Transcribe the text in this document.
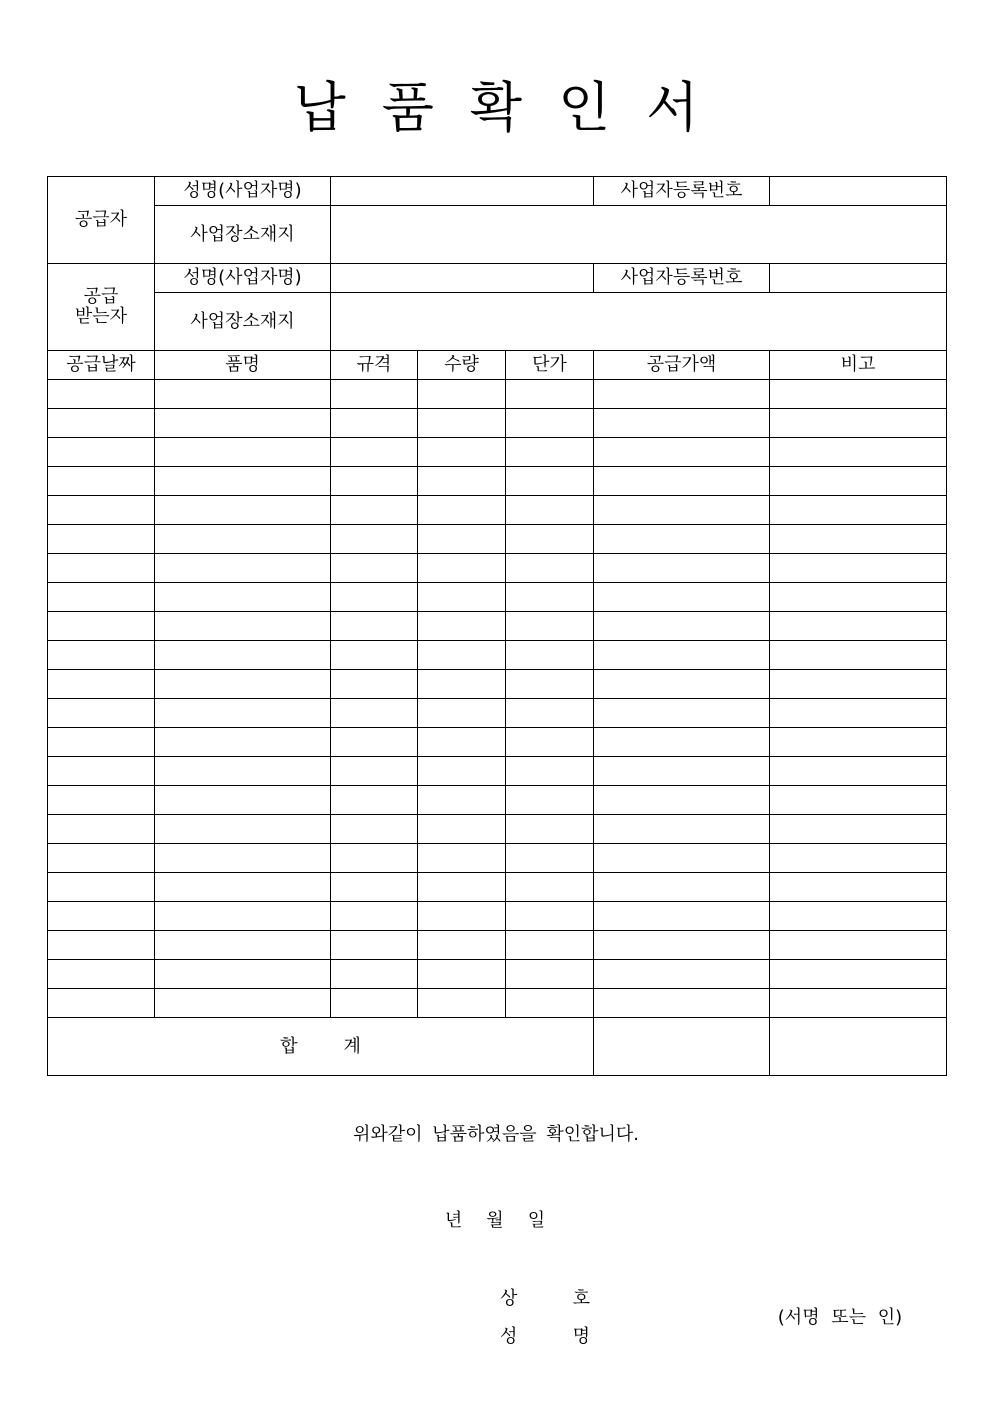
납품확인서
공급자	성명(사업자명)				사업자등록번호	
	사업장소재지					

공급
받는자	성명(사업자명)				사업자등록번호	
	사업장소재지					
공급날짜	품명	규격	수량	단가	공급가액	비고

합 계						
위와같이 납품하였음을 확인합니다.
년 월 일
상	호
성	명
(서명 또는 인)
